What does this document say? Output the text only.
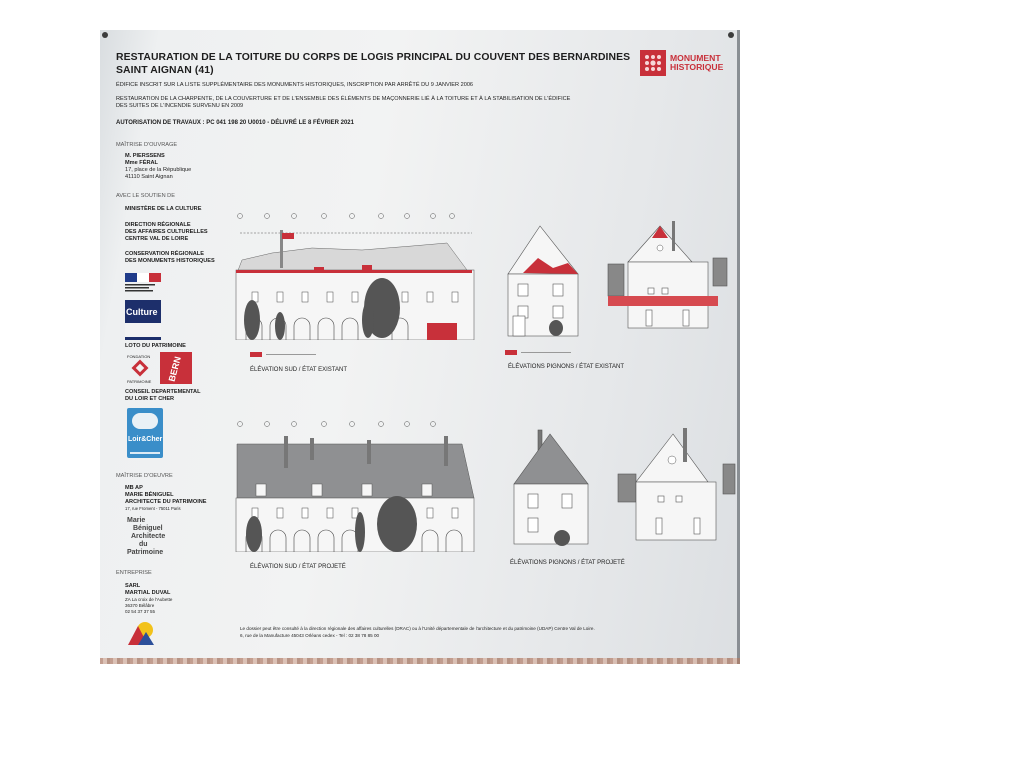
RESTAURATION DE LA TOITURE DU CORPS DE LOGIS PRINCIPAL DU COUVENT DES BERNARDINES
SAINT AIGNAN (41)
MONUMENT
HISTORIQUE
ÉDIFICE INSCRIT SUR LA LISTE SUPPLÉMENTAIRE DES MONUMENTS HISTORIQUES, INSCRIPTION PAR ARRÊTÉ DU 9 JANVIER 2006
RESTAURATION DE LA CHARPENTE, DE LA COUVERTURE ET DE L'ENSEMBLE DES ÉLÉMENTS DE MAÇONNERIE LIÉ À LA TOITURE ET À LA STABILISATION DE L'ÉDIFICE
DES SUITES DE L'INCENDIE SURVENU EN 2009
AUTORISATION DE TRAVAUX : PC 041 198 20 U0010 - DÉLIVRÉ LE 8 FÉVRIER 2021
MAÎTRISE D'OUVRAGE
M. PIERSSENS
Mme FÉRAL
17, place de la République
41110 Saint Aignan
AVEC LE SOUTIEN DE
MINISTÈRE DE LA CULTURE
DIRECTION RÉGIONALE
DES AFFAIRES CULTURELLES
CENTRE VAL DE LOIRE
CONSERVATION RÉGIONALE
DES MONUMENTS HISTORIQUES
Culture
LOTO DU PATRIMOINE
FONDATION
PATRIMOINE BERN
CONSEIL DEPARTEMENTAL
DU LOIR ET CHER
Loir&Cher
MAÎTRISE D'OEUVRE
MB AP
MARIE BÉNIGUEL
ARCHITECTE DU PATRIMOINE
17, rue Froment - 75011 Paris
Marie
Béniguel
Architecte
du
Patrimoine
ENTREPRISE
SARL
MARTIAL DUVAL
ZA La croix de l'Aubette
36370 Bélâbre
02 54 37 37 55
ÉLÉVATION SUD / ÉTAT EXISTANT	ÉLÉVATIONS PIGNONS / ÉTAT EXISTANT
ÉLÉVATION SUD / ÉTAT PROJETÉ
ÉLÉVATIONS PIGNONS / ÉTAT PROJETÉ
Le dossier peut être consulté à la direction régionale des affaires culturelles (DRAC) ou à l'Unité départementale de l'architecture et du patrimoine (UDAP) Centre Val de Loire.
6, rue de la Manufacture 45043 Orléans cedex - Tel : 02 38 78 85 00
